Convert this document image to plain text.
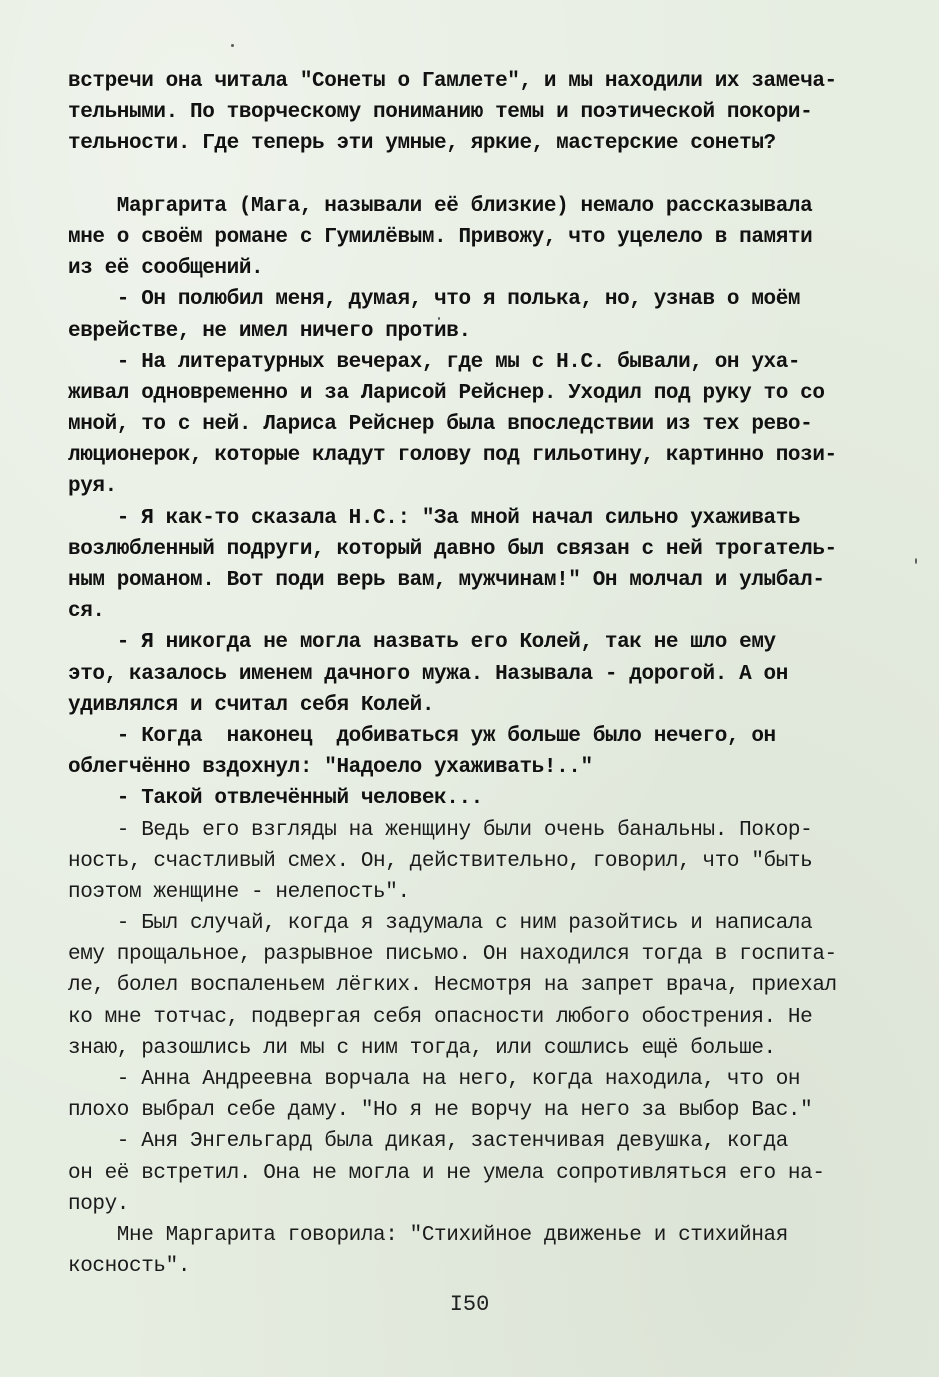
встречи она читала "Сонеты о Гамлете", и мы находили их замеча-
тельными. По творческому пониманию темы и поэтической покори-
тельности. Где теперь эти умные, яркие, мастерские сонеты?
Маргарита (Мага, называли её близкие) немало рассказывала
мне о своём романе с Гумилёвым. Привожу, что уцелело в памяти
из её сообщений.
- Он полюбил меня, думая, что я полька, но, узнав о моём
еврействе, не имел ничего против.
- На литературных вечерах, где мы с Н.С. бывали, он уха-
живал одновременно и за Ларисой Рейснер. Уходил под руку то со
мной, то с ней. Лариса Рейснер была впоследствии из тех рево-
люционерок, которые кладут голову под гильотину, картинно пози-
руя.
- Я как-то сказала Н.С.: "За мной начал сильно ухаживать
возлюбленный подруги, который давно был связан с ней трогатель-
ным романом. Вот поди верь вам, мужчинам!" Он молчал и улыбал-
ся.
- Я никогда не могла назвать его Колей, так не шло ему
это, казалось именем дачного мужа. Называла - дорогой. А он
удивлялся и считал себя Колей.
- Когда  наконец  добиваться уж больше было нечего, он
облегчённо вздохнул: "Надоело ухаживать!.."
- Такой отвлечённый человек...
- Ведь его взгляды на женщину были очень банальны. Покор-
ность, счастливый смех. Он, действительно, говорил, что "быть
поэтом женщине - нелепость".
- Был случай, когда я задумала с ним разойтись и написала
ему прощальное, разрывное письмо. Он находился тогда в госпита-
ле, болел воспаленьем лёгких. Несмотря на запрет врача, приехал
ко мне тотчас, подвергая себя опасности любого обострения. Не
знаю, разошлись ли мы с ним тогда, или сошлись ещё больше.
- Анна Андреевна ворчала на него, когда находила, что он
плохо выбрал себе даму. "Но я не ворчу на него за выбор Вас."
- Аня Энгельгард была дикая, застенчивая девушка, когда
он её встретил. Она не могла и не умела сопротивляться его на-
пору.
Мне Маргарита говорила: "Стихийное движенье и стихийная
косность".
I50
